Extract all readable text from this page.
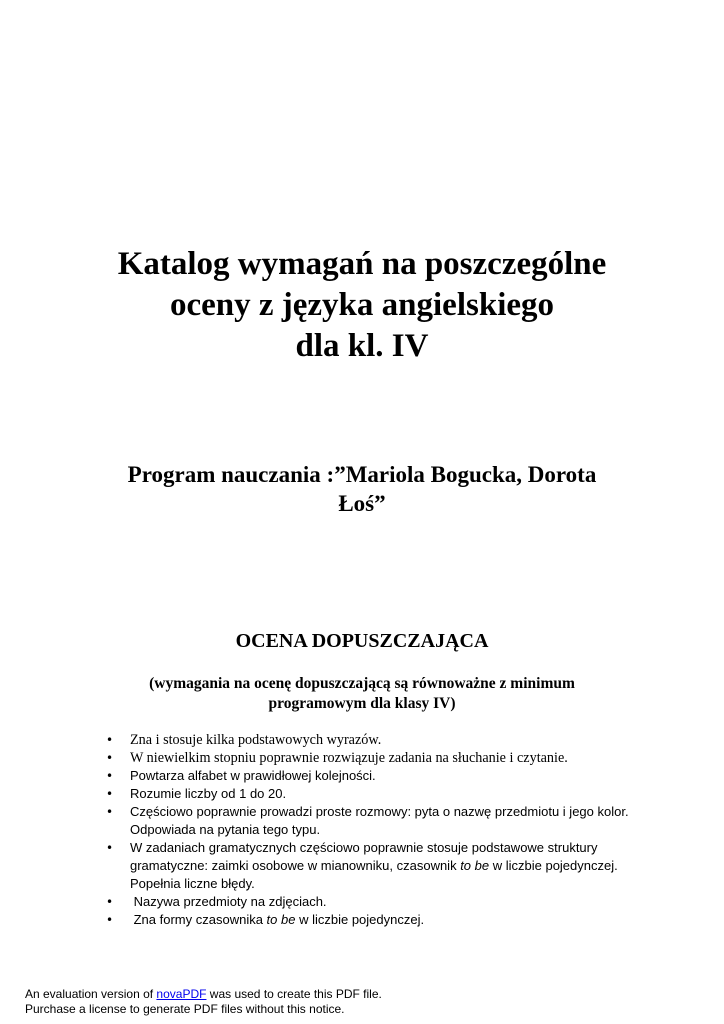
Katalog wymagań na poszczególne
oceny z języka angielskiego
dla kl. IV
Program nauczania :”Mariola Bogucka, Dorota
Łoś”
OCENA DOPUSZCZAJĄCA
(wymagania na ocenę dopuszczającą są równoważne z minimum
programowym dla klasy IV)
• Zna i stosuje kilka podstawowych wyrazów.
• W niewielkim stopniu poprawnie rozwiązuje zadania na słuchanie i czytanie.
• Powtarza alfabet w prawidłowej kolejności.
• Rozumie liczby od 1 do 20.
• Częściowo poprawnie prowadzi proste rozmowy: pyta o nazwę przedmiotu i jego kolor. Odpowiada na pytania tego typu.
• W zadaniach gramatycznych częściowo poprawnie stosuje podstawowe struktury gramatyczne: zaimki osobowe w mianowniku, czasownik to be w liczbie pojedynczej. Popełnia liczne błędy.
• Nazywa przedmioty na zdjęciach.
• Zna formy czasownika to be w liczbie pojedynczej.
An evaluation version of novaPDF was used to create this PDF file.
Purchase a license to generate PDF files without this notice.
